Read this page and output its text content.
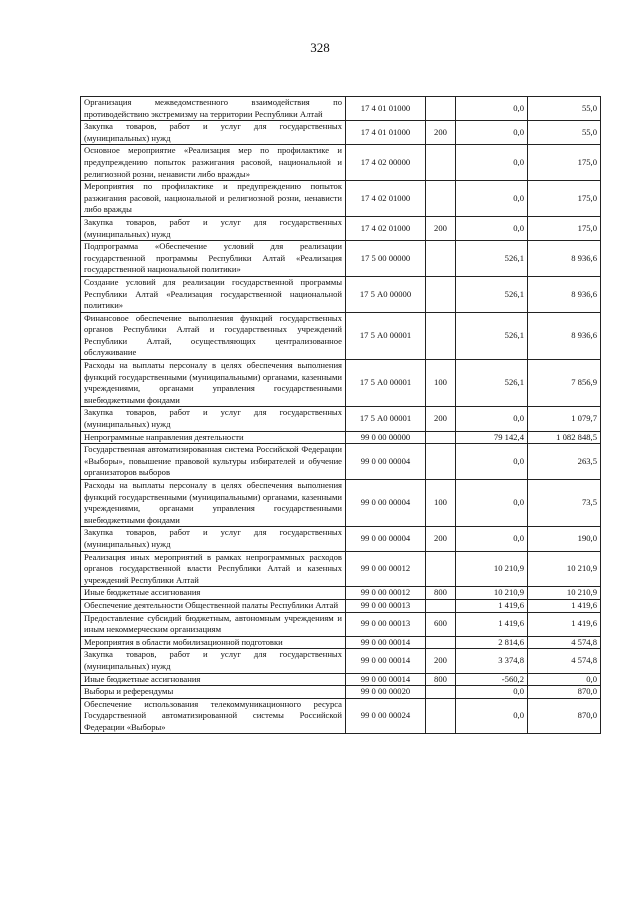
328
Организация межведомственного взаимодействия по противодействию экстремизму на территории Республики Алтай	17 4 01 01000		0,0	55,0
Закупка товаров, работ и услуг для государственных (муниципальных) нужд	17 4 01 01000	200	0,0	55,0
Основное мероприятие «Реализация мер по профилактике и предупреждению попыток разжигания расовой, национальной и религиозной розни, ненависти либо вражды»	17 4 02 00000		0,0	175,0
Мероприятия по профилактике и предупреждению попыток разжигания расовой, национальной и религиозной розни, ненависти либо вражды	17 4 02 01000		0,0	175,0
Закупка товаров, работ и услуг для государственных (муниципальных) нужд	17 4 02 01000	200	0,0	175,0
Подпрограмма «Обеспечение условий для реализации государственной программы Республики Алтай «Реализация государственной национальной политики»	17 5 00 00000		526,1	8 936,6
Создание условий для реализации государственной программы Республики Алтай «Реализация государственной национальной политики»	17 5 А0 00000		526,1	8 936,6
Финансовое обеспечение выполнения функций государственных органов Республики Алтай и государственных учреждений Республики Алтай, осуществляющих централизованное обслуживание	17 5 А0 00001		526,1	8 936,6
Расходы на выплаты персоналу в целях обеспечения выполнения функций государственными (муниципальными) органами, казенными учреждениями, органами управления государственными внебюджетными фондами	17 5 А0 00001	100	526,1	7 856,9
Закупка товаров, работ и услуг для государственных (муниципальных) нужд	17 5 А0 00001	200	0,0	1 079,7
Непрограммные направления деятельности	99 0 00 00000		79 142,4	1 082 848,5
Государственная автоматизированная система Российской Федерации «Выборы», повышение правовой культуры избирателей и обучение организаторов выборов	99 0 00 00004		0,0	263,5
Расходы на выплаты персоналу в целях обеспечения выполнения функций государственными (муниципальными) органами, казенными учреждениями, органами управления государственными внебюджетными фондами	99 0 00 00004	100	0,0	73,5
Закупка товаров, работ и услуг для государственных (муниципальных) нужд	99 0 00 00004	200	0,0	190,0
Реализация иных мероприятий в рамках непрограммных расходов органов государственной власти Республики Алтай и казенных учреждений Республики Алтай	99 0 00 00012		10 210,9	10 210,9
Иные бюджетные ассигнования	99 0 00 00012	800	10 210,9	10 210,9
Обеспечение деятельности Общественной палаты Республики Алтай	99 0 00 00013		1 419,6	1 419,6
Предоставление субсидий бюджетным, автономным учреждениям и иным некоммерческим организациям	99 0 00 00013	600	1 419,6	1 419,6
Мероприятия в области мобилизационной подготовки	99 0 00 00014		2 814,6	4 574,8
Закупка товаров, работ и услуг для государственных (муниципальных) нужд	99 0 00 00014	200	3 374,8	4 574,8
Иные бюджетные ассигнования	99 0 00 00014	800	-560,2	0,0
Выборы и референдумы	99 0 00 00020		0,0	870,0
Обеспечение использования телекоммуникационного ресурса Государственной автоматизированной системы Российской Федерации «Выборы»	99 0 00 00024		0,0	870,0
